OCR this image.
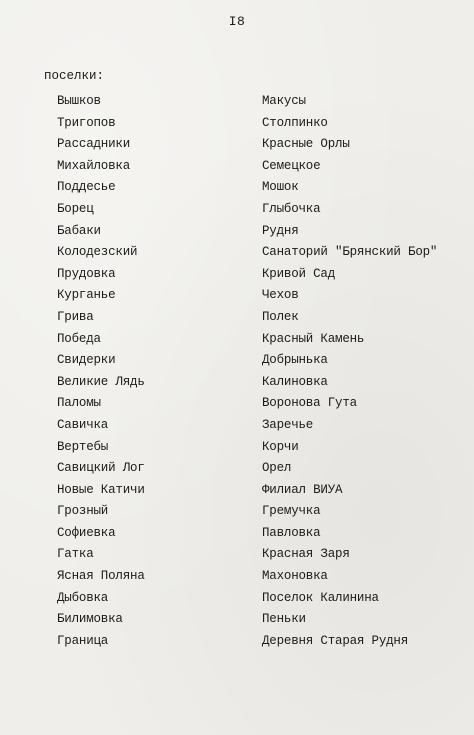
I8
поселки:
Вышков
Тригопов
Рассадники
Михайловка
Поддесье
Борец
Бабаки
Колодезский
Прудовка
Курганье
Грива
Победа
Свидерки
Великие Лядь
Паломы
Савичка
Вертебы
Савицкий Лог
Новые Катичи
Грозный
Софиевка
Гатка
Ясная Поляна
Дыбовка
Билимовка
Граница
Макусы
Столпинко
Красные Орлы
Семецкое
Мошок
Глыбочка
Рудня
Санаторий "Брянский Бор"
Кривой Сад
Чехов
Полек
Красный Камень
Добрынька
Калиновка
Воронова Гута
Заречье
Корчи
Орел
Филиал ВИУА
Гремучка
Павловка
Красная Заря
Махоновка
Поселок Калинина
Пеньки
Деревня Старая Рудня
